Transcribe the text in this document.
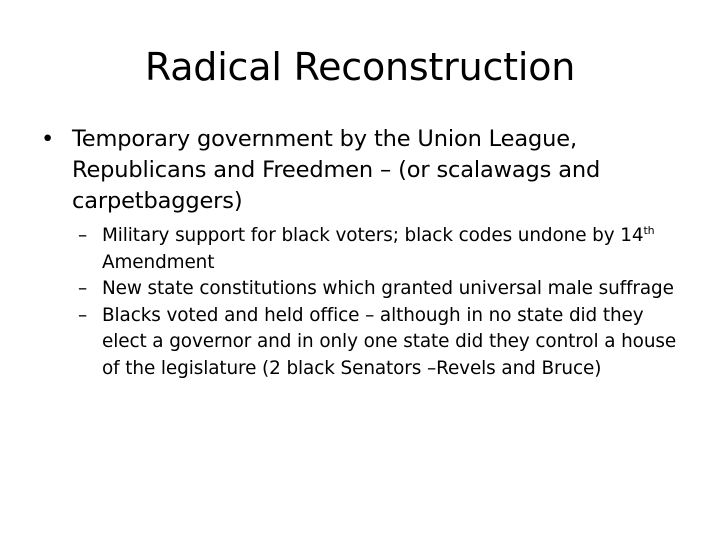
Radical Reconstruction
• Temporary government by the Union League, Republicans and Freedmen – (or scalawags and carpetbaggers)
– Military support for black voters; black codes undone by 14th Amendment
– New state constitutions which granted universal male suffrage
– Blacks voted and held office – although in no state did they elect a governor and in only one state did they control a house of the legislature (2 black Senators –Revels and Bruce)
